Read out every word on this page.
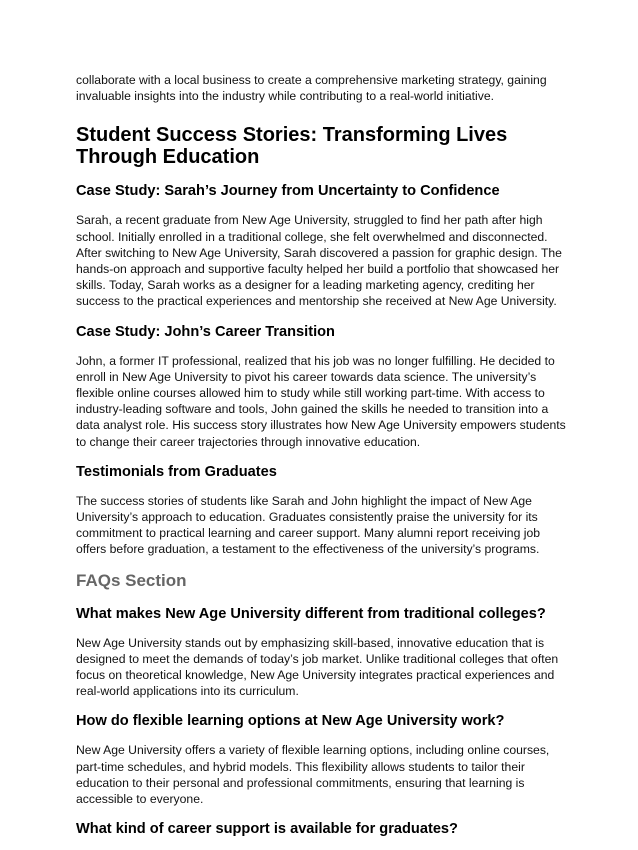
collaborate with a local business to create a comprehensive marketing strategy, gaining invaluable insights into the industry while contributing to a real-world initiative.

Student Success Stories: Transforming Lives Through Education
Case Study: Sarah’s Journey from Uncertainty to Confidence

Sarah, a recent graduate from New Age University, struggled to find her path after high school. Initially enrolled in a traditional college, she felt overwhelmed and disconnected. After switching to New Age University, Sarah discovered a passion for graphic design. The hands-on approach and supportive faculty helped her build a portfolio that showcased her skills. Today, Sarah works as a designer for a leading marketing agency, crediting her success to the practical experiences and mentorship she received at New Age University.

Case Study: John’s Career Transition

John, a former IT professional, realized that his job was no longer fulfilling. He decided to enroll in New Age University to pivot his career towards data science. The university’s flexible online courses allowed him to study while still working part-time. With access to industry-leading software and tools, John gained the skills he needed to transition into a data analyst role. His success story illustrates how New Age University empowers students to change their career trajectories through innovative education.

Testimonials from Graduates

The success stories of students like Sarah and John highlight the impact of New Age University’s approach to education. Graduates consistently praise the university for its commitment to practical learning and career support. Many alumni report receiving job offers before graduation, a testament to the effectiveness of the university’s programs.

FAQs Section
What makes New Age University different from traditional colleges?

New Age University stands out by emphasizing skill-based, innovative education that is designed to meet the demands of today’s job market. Unlike traditional colleges that often focus on theoretical knowledge, New Age University integrates practical experiences and real-world applications into its curriculum.

How do flexible learning options at New Age University work?

New Age University offers a variety of flexible learning options, including online courses, part-time schedules, and hybrid models. This flexibility allows students to tailor their education to their personal and professional commitments, ensuring that learning is accessible to everyone.

What kind of career support is available for graduates?
